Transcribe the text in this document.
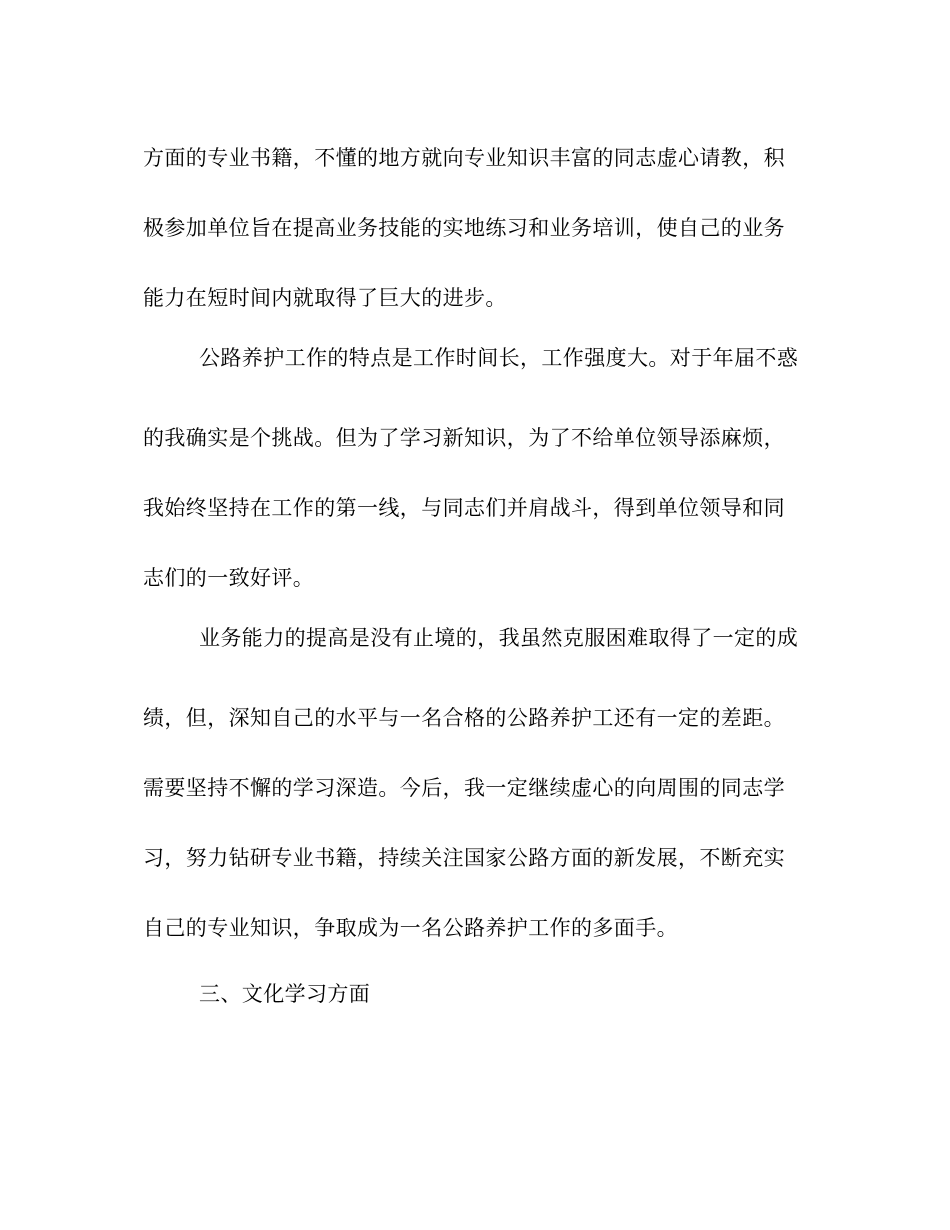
方面的专业书籍，不懂的地方就向专业知识丰富的同志虚心请教，积
极参加单位旨在提高业务技能的实地练习和业务培训，使自己的业务
能力在短时间内就取得了巨大的进步。
公路养护工作的特点是工作时间长，工作强度大。对于年届不惑
的我确实是个挑战。但为了学习新知识，为了不给单位领导添麻烦，
我始终坚持在工作的第一线，与同志们并肩战斗，得到单位领导和同
志们的一致好评。
业务能力的提高是没有止境的，我虽然克服困难取得了一定的成
绩，但，深知自己的水平与一名合格的公路养护工还有一定的差距。
需要坚持不懈的学习深造。今后，我一定继续虚心的向周围的同志学
习，努力钻研专业书籍，持续关注国家公路方面的新发展，不断充实
自己的专业知识，争取成为一名公路养护工作的多面手。
三、文化学习方面
